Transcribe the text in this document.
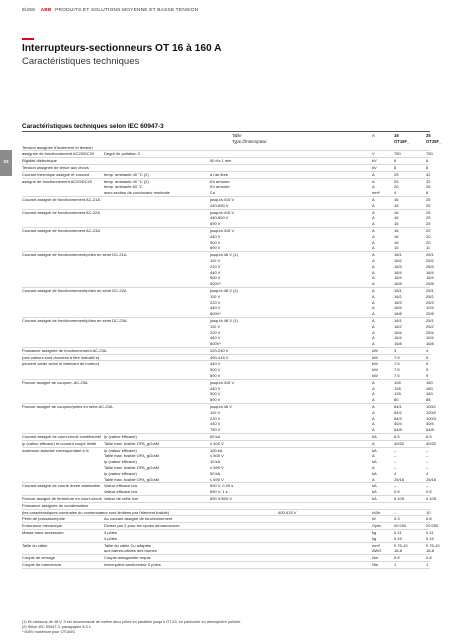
8/258 ABB PRODUITS ET SOLUTIONS MOYENNE ET BASSE TENSION
Interrupteurs-sectionneurs OT 16 à 160 A
Caractéristiques techniques
03
Caractéristiques techniques selon IEC 60947-3
Taille	A	16	25
Type d'interrupteur	OT16F_	OT25F_
Tension assignée d'isolement et tension
assignée de fonctionnement AC20/DC20 Degré de pollution 3	V	750	750
Rigidité diélectrique	50 Hz 1 min	kV	6	6
Tension assignée de tenue aux chocs	kV	8	8
Courant thermique assigné et courant	temp. ambiante 40 °C (2)	à l'air libre	A	25	32
assigné de fonctionnement AC20/DC20	temp. ambiante 40 °C (2)	En armoire	A	25	32
temp. ambiante 60 °C	En armoire	A	20	26
avec section de conducteur minimale	Cu	mm²	4	6
Courant assigné de fonctionnement AC-21A	jusqu'à 415 V	A	16	25
440-690 V	A	16	25
Courant assigné de fonctionnement AC-22A	jusqu'à 415 V	A	16	25
440-500 V	A	16	25
690 V	A	16	25
Courant assigné de fonctionnement AC-23A	jusqu'à 415 V	A	16	20
440 V	A	16	20
500 V	A	16	20
690 V	A	10	11
Courant assigné de fonctionnement/pôles en série DC-21A	jusqu'à 48 V (1)	A	16/1	25/1
110 V	A	16/2	25/2
220 V	A	16/3	25/3
440 V	A	16/4	16/4
500 V	A	16/4	16/4
600V*	A	16/8	25/8
Courant assigné de fonctionnement/pôles en série DC-22A	jusqu'à 48 V (1)	A	16/1	25/1
110 V	A	16/2	25/2
220 V	A	16/3	25/3
440 V	A	16/4	10/4
600V*	A	16/8	25/8
Courant assigné de fonctionnement/pôles en série DC-23A	jusqu'à 48 V (1)	A	16/1	25/1
110 V	A	16/2	25/2
220 V	A	16/4	25/4
440 V	A	16/4	10/4
600V*	A	16/8	16/8
Puissance assignée de fonctionnement AC-23A	220-240 V	kW	3	4
(ces valeurs sont données à titre indicatif et	400-415 V	kW	7.5	9
peuvent varier selon le fabricant de moteur)	440 V	kW	7.5	9
500 V	kW	7.5	9
690 V	kW	7.5	9
Pouvoir assigné de coupure, AC-23A	jusqu'à 415 V	A	128	160
440 V	A	128	160
500 V	A	128	160
690 V	A	80	88
Pouvoir assigné de coupure/pôles en série AC-23A	jusqu'à 48 V	A	64/1	100/1
110 V	A	64/2	100/2
220 V	A	64/3	100/3
440 V	A	40/4	40/4
750 V	A	64/8	64/8
Courant assigné de court-circuit conditionnel Ip (valeur efficace)	50 kA	kA	6.5	6.5
Ip (valeur efficace) et courant coupé limité Taille max. fusible OFA_gG/aM	≤ 400 V	A	40/32	40/32
maximum autorisé correspondant à Ic	Ip (valeur efficace)	100 kA	kA	–	–
Taille max. fusible OFA_gG/aM	≤ 500 V	A	–	–
Ip (valeur efficace)	10 kA	kA	–	–
Taille max. fusible OFA_gG/aM	≤ 690 V	A	–	–
Ip (valeur efficace)	50 kA	kA	4	4
Taille max. fusible OFA_gG/aM	≤ 690 V	A	25/16	25/16
Courant assigné de courte durée admissible Valeur efficace Icw	690 V, 0.25 s	kA	–	–
Valeur efficace Icw	690 V, 1 s	kA	0.5	0.5
Pouvoir assigné de fermeture en court-circuit Valeur de crête Icm	690 V/500 V	kA	0.105	0.105
Puissance assignée du condensateur
(les caractéristiques nominales du condensateur sont limitées par l'élément fusible)	400-415 V	kVAr	–	10
Perte de puissance/pôle	Au courant assigné de fonctionnement	W	0.3	0.8
Endurance mécanique	Diviser par 2 pour les cycles demanoeuvre	Opér.	20 000	20 000
Masse sans accessoire	3 pôles	kg	0.11	0.11
4 pôles	kg	0.15	0.15
Taille du câble	Taille du câble Cu adaptée	mm²	0.75-10	0.75-10
aux barres-câbles des bornes	AWG	18-8	18-8
Couple de serrage	Couple antagoniste requis	Nm	0.8	0.8
Couple de manoeuvre	Interrupteur-sectionneur 3 pôles	Nm	1	1
(1) En dessous de 48 V, 3 est recommandé de mettre deux pôles en parallèle jusqu'à OT 63, en particulier en atmosphère polluée.
(2) Selon IEC 60947-3, paragraphe 8.3.1.
* 600V maximum pour OT160G
